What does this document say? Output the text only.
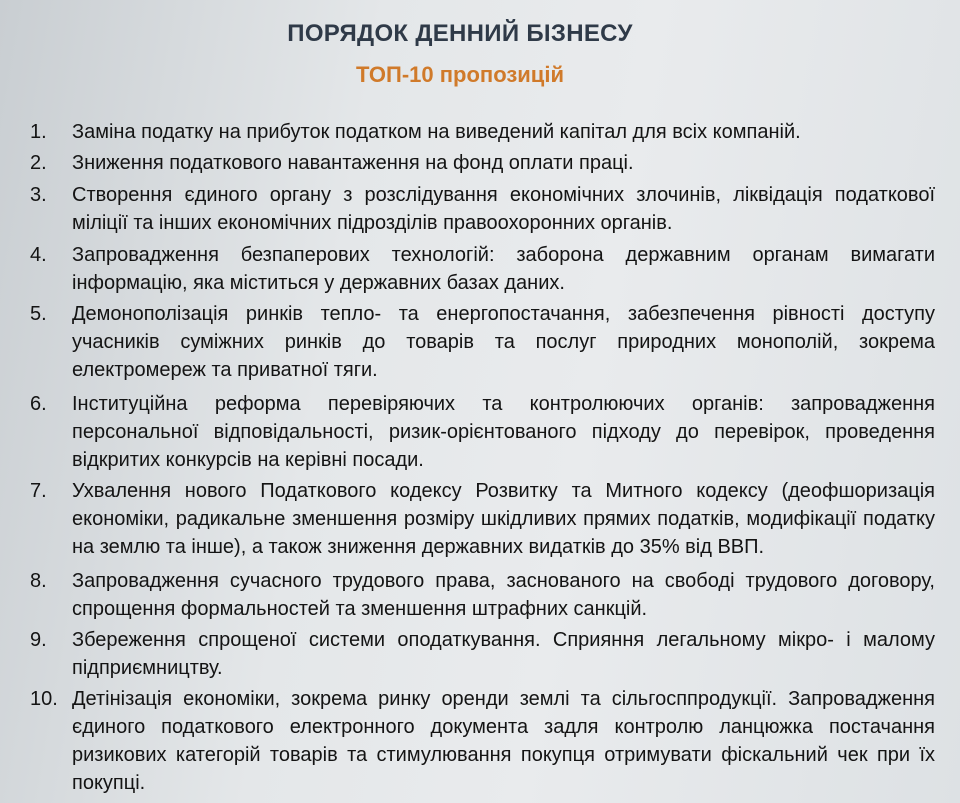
ПОРЯДОК ДЕННИЙ БІЗНЕСУ
ТОП-10 пропозицій
1.	Заміна податку на прибуток податком на виведений капітал для всіх компаній.
2.	Зниження податкового навантаження на фонд оплати праці.
3.	Створення єдиного органу з розслідування економічних злочинів, ліквідація податкової міліції та інших економічних підрозділів правоохоронних органів.
4.	Запровадження безпаперових технологій: заборона державним органам вимагати інформацію, яка міститься у державних базах даних.
5.	Демонополізація ринків тепло- та енергопостачання, забезпечення рівності доступу учасників суміжних ринків до товарів та послуг природних монополій, зокрема електромереж та приватної тяги.
6.	Інституційна реформа перевіряючих та контролюючих органів: запровадження персональної відповідальності, ризик-орієнтованого підходу до перевірок, проведення відкритих конкурсів на керівні посади.
7.	Ухвалення нового Податкового кодексу Розвитку та Митного кодексу (деофшоризація економіки, радикальне зменшення розміру шкідливих прямих податків, модифікації податку на землю та інше), а також зниження державних видатків до 35% від ВВП.
8.	Запровадження сучасного трудового права, заснованого на свободі трудового договору, спрощення формальностей та зменшення штрафних санкцій.
9.	Збереження спрощеної системи оподаткування. Сприяння легальному мікро- і малому підприємництву.
10. Детінізація економіки, зокрема ринку оренди землі та сільгосппродукції. Запровадження єдиного податкового електронного документа задля контролю ланцюжка постачання ризикових категорій товарів та стимулювання покупця отримувати фіскальний чек при їх покупці.
